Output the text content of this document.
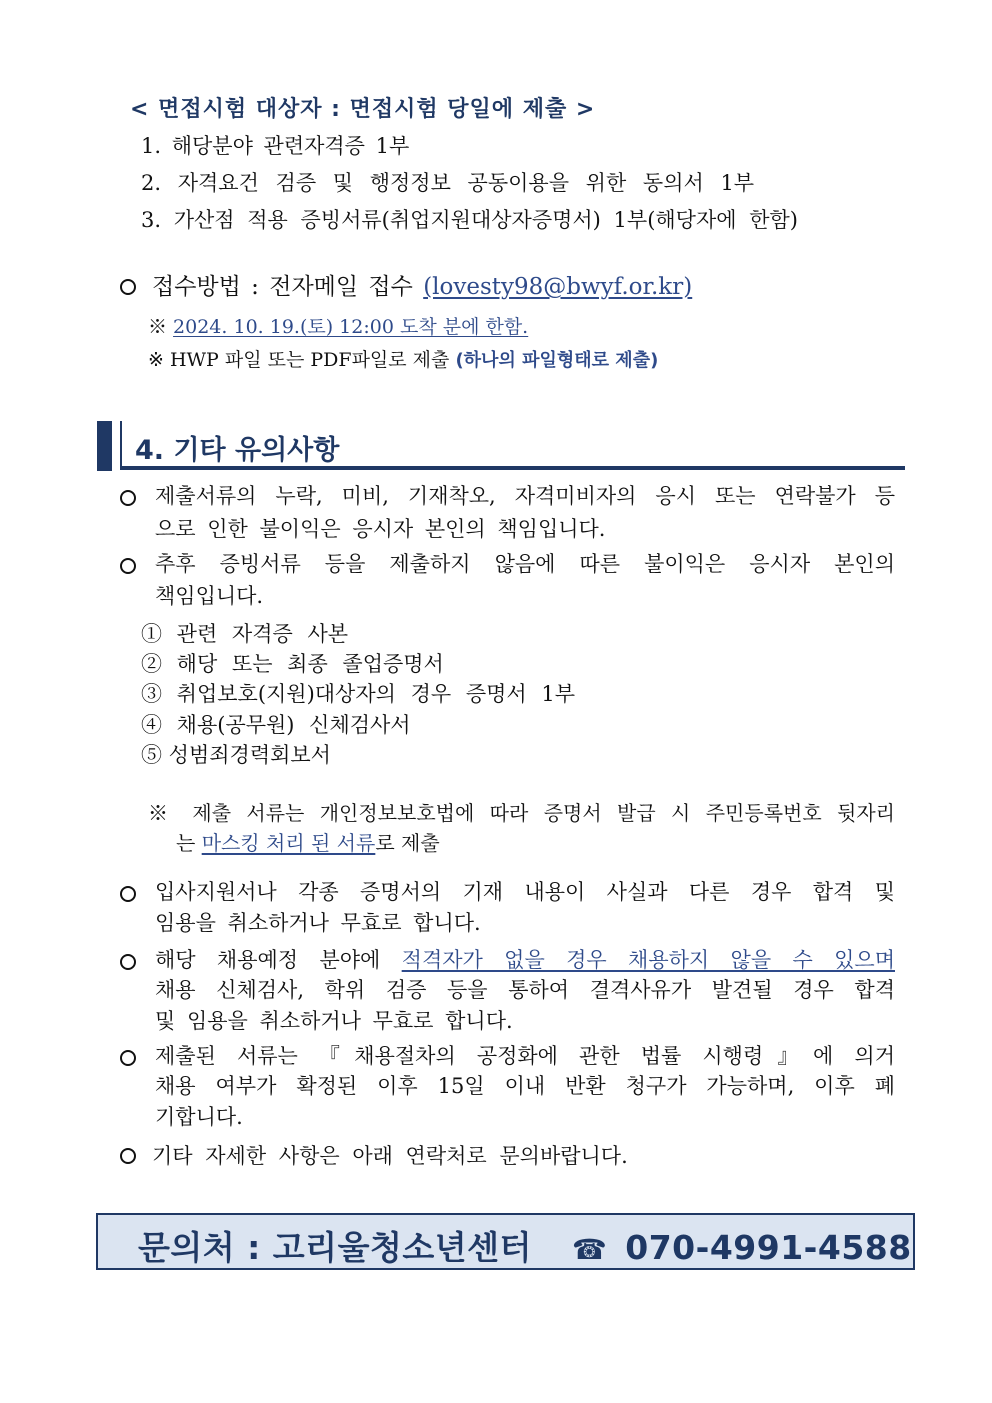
< 면접시험 대상자 : 면접시험 당일에 제출 >
1. 해당분야 관련자격증 1부
2. 자격요건 검증 및 행정정보 공동이용을 위한 동의서 1부
3. 가산점 적용 증빙서류(취업지원대상자증명서) 1부(해당자에 한함)
접수방법 : 전자메일 접수 (lovesty98@bwyf.or.kr)
※ 2024. 10. 19.(토) 12:00 도착 분에 한함.
※ HWP 파일 또는 PDF파일로 제출 (하나의 파일형태로 제출)
4. 기타 유의사항
제출서류의 누락, 미비, 기재착오, 자격미비자의 응시 또는 연락불가 등
으로 인한 불이익은 응시자 본인의 책임입니다.
추후 증빙서류 등을 제출하지 않음에 따른 불이익은 응시자 본인의
책임입니다.
① 관련 자격증 사본
② 해당 또는 최종 졸업증명서
③ 취업보호(지원)대상자의 경우 증명서 1부
④ 채용(공무원) 신체검사서
⑤ 성범죄경력회보서
※ 제출 서류는 개인정보보호법에 따라 증명서 발급 시 주민등록번호 뒷자리
는 마스킹 처리 된 서류로 제출
입사지원서나 각종 증명서의 기재 내용이 사실과 다른 경우 합격 및
임용을 취소하거나 무효로 합니다.
해당 채용예정 분야에 적격자가 없을 경우 채용하지 않을 수 있으며
채용 신체검사, 학위 검증 등을 통하여 결격사유가 발견될 경우 합격
및 임용을 취소하거나 무효로 합니다.
제출된 서류는 『채용절차의 공정화에 관한 법률 시행령』에 의거
채용 여부가 확정된 이후 15일 이내 반환 청구가 가능하며, 이후 폐
기합니다.
기타 자세한 사항은 아래 연락처로 문의바랍니다.
문의처 : 고리울청소년센터 ☎ 070-4991-4588
